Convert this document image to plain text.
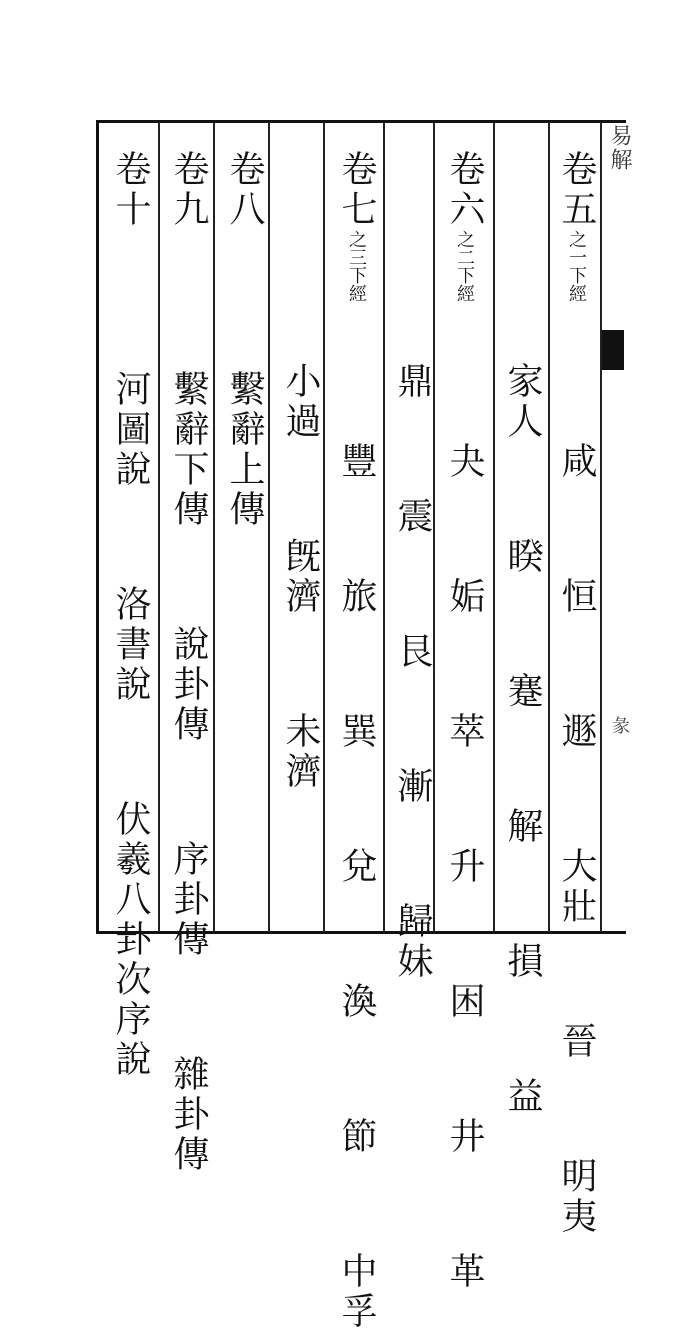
易解
彖
卷五之一下經  咸 恒 遯 大壯 晉 明夷
家人 睽 蹇 解 損 益
卷六之二下經  夬 姤 萃 升 困 井 革
鼎 震 艮 漸 歸妹
卷七之三下經  豐 旅 巽 兌 渙 節 中孚
小過 旣濟 未濟
卷八  繫辭上傳
卷九  繫辭下傳 說卦傳 序卦傳 雜卦傳
卷十  河圖說 洛書說 伏羲八卦次序說
